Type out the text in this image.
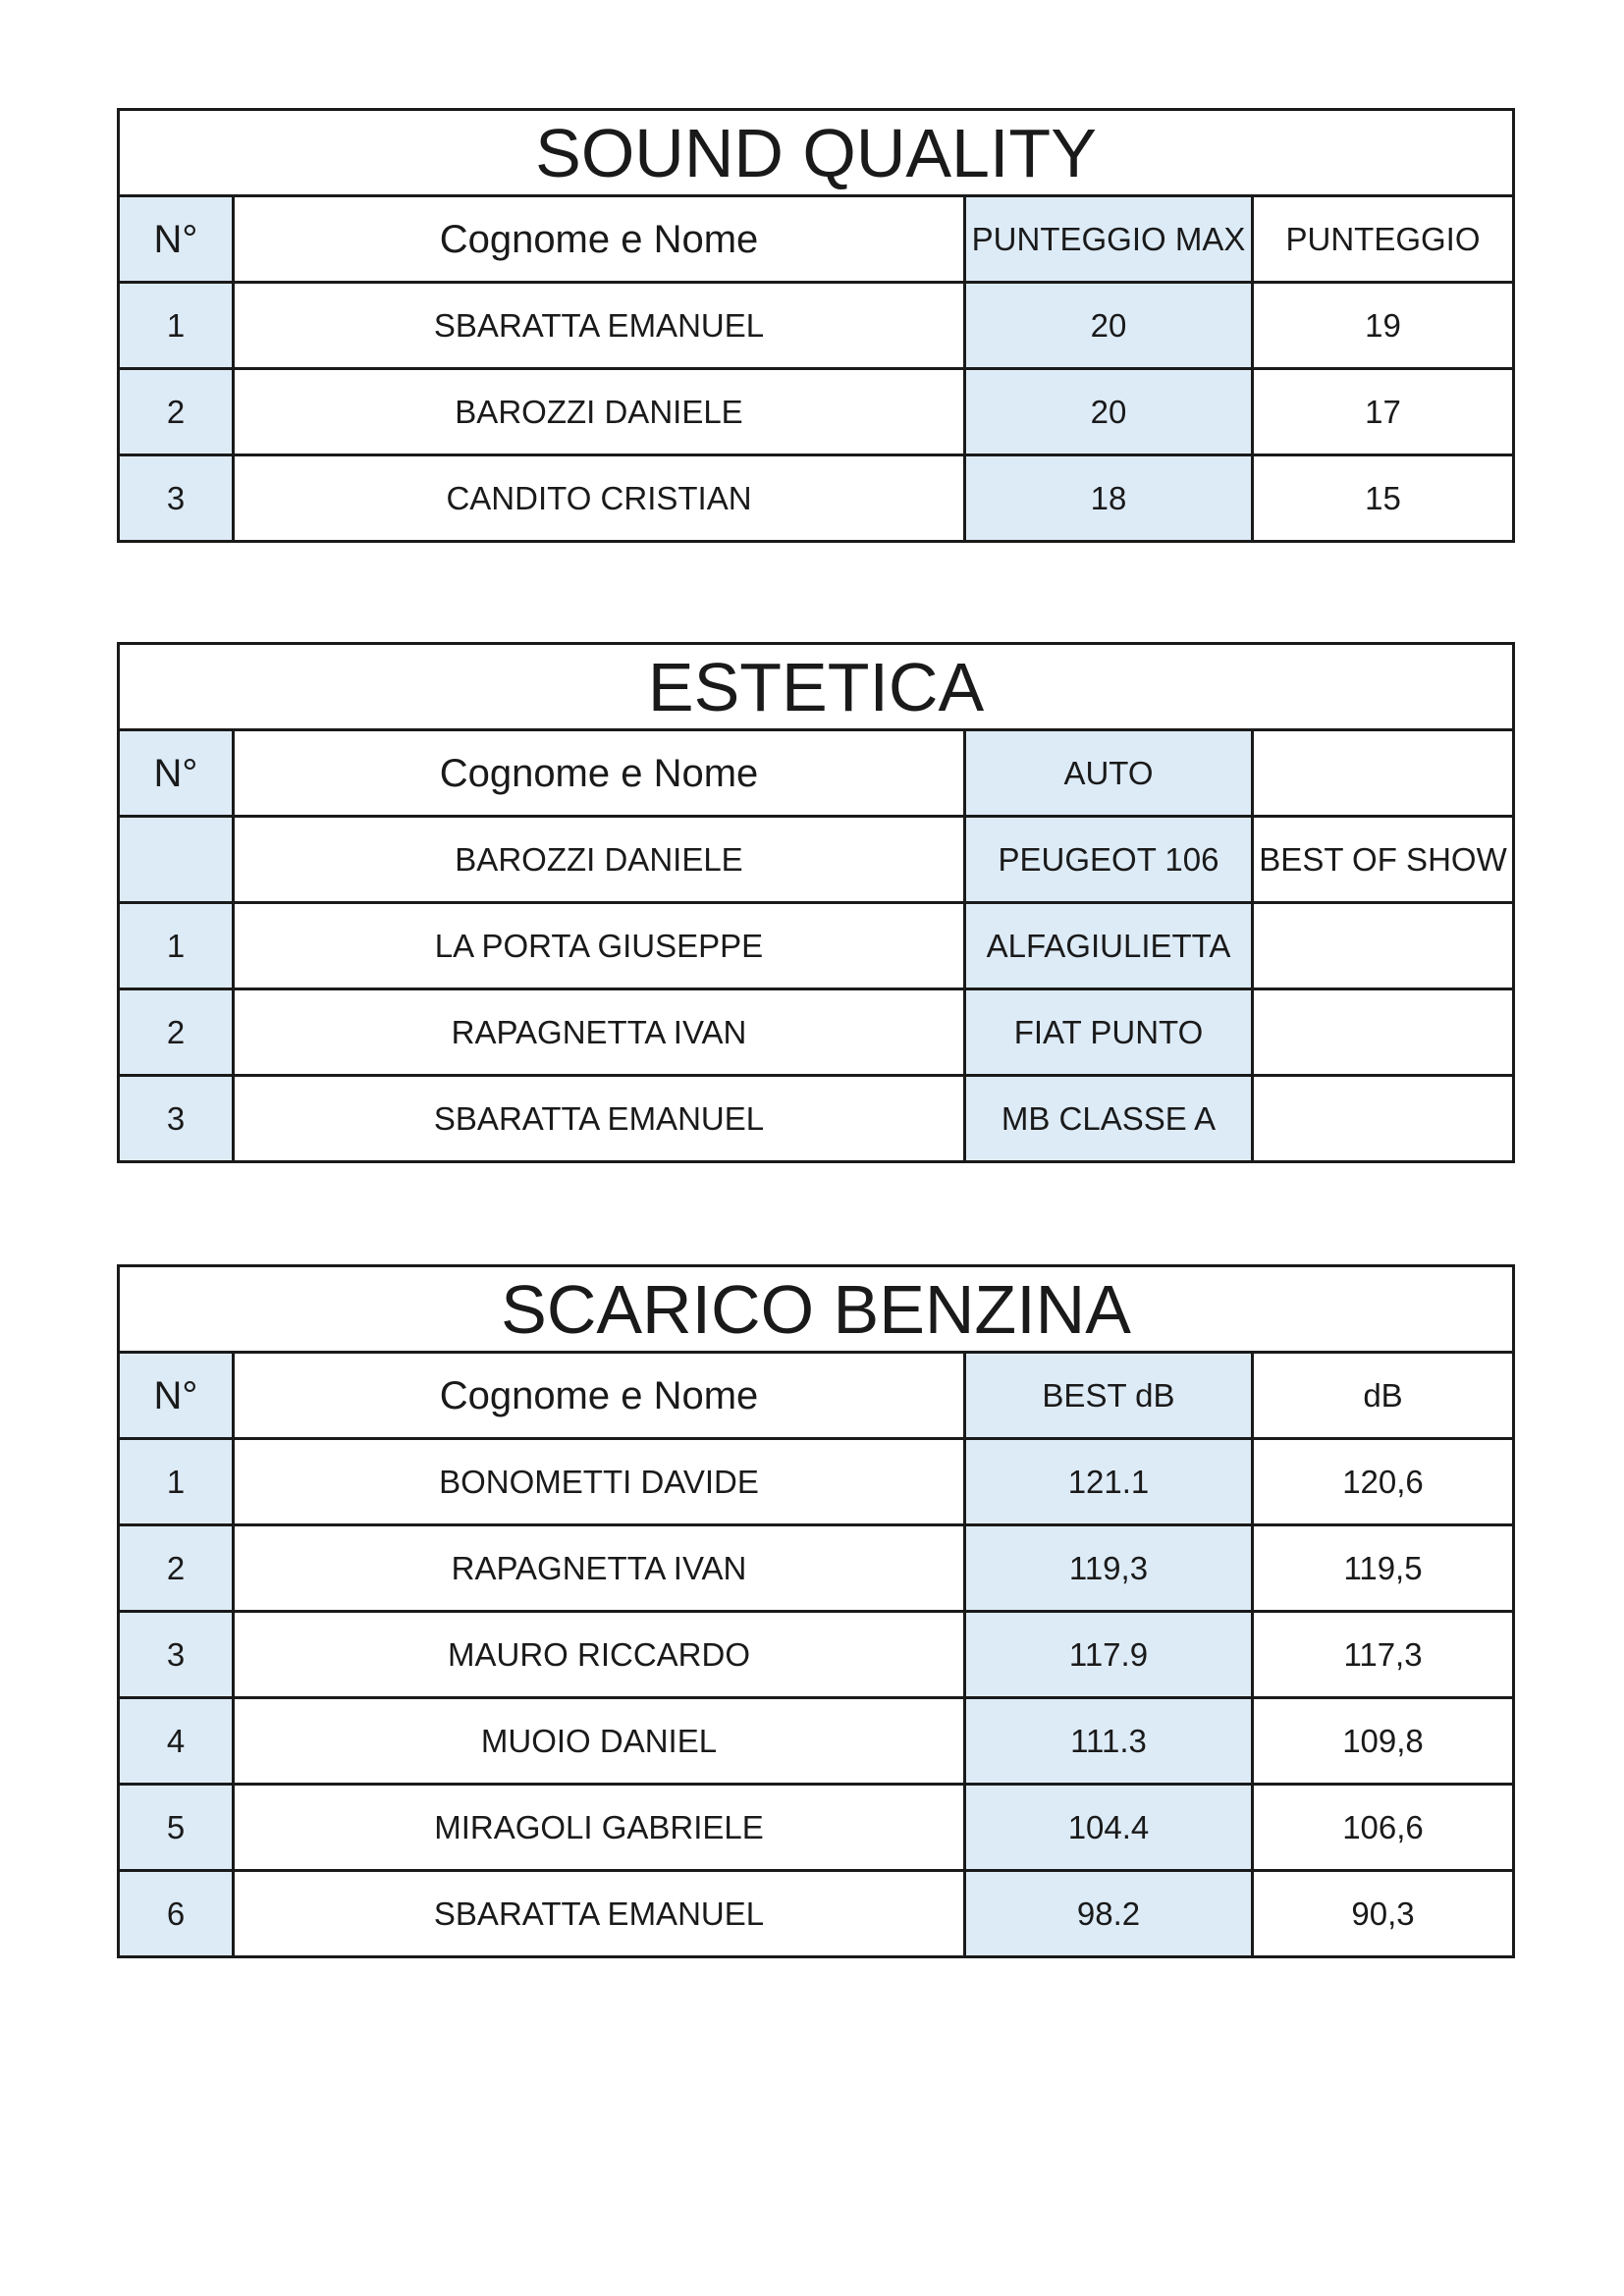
SOUND QUALITY			
N°	Cognome e Nome	PUNTEGGIO MAX	PUNTEGGIO
1	SBARATTA EMANUEL	20	19
2	BAROZZI DANIELE	20	17
3	CANDITO CRISTIAN	18	15
ESTETICA			
N°	Cognome e Nome	AUTO	
	BAROZZI DANIELE	PEUGEOT 106	BEST OF SHOW
1	LA PORTA GIUSEPPE	ALFAGIULIETTA	
2	RAPAGNETTA IVAN	FIAT PUNTO	
3	SBARATTA EMANUEL	MB CLASSE A	
SCARICO BENZINA			
N°	Cognome e Nome	BEST dB	dB
1	BONOMETTI DAVIDE	121.1	120,6
2	RAPAGNETTA IVAN	119,3	119,5
3	MAURO RICCARDO	117.9	117,3
4	MUOIO DANIEL	111.3	109,8
5	MIRAGOLI GABRIELE	104.4	106,6
6	SBARATTA EMANUEL	98.2	90,3
